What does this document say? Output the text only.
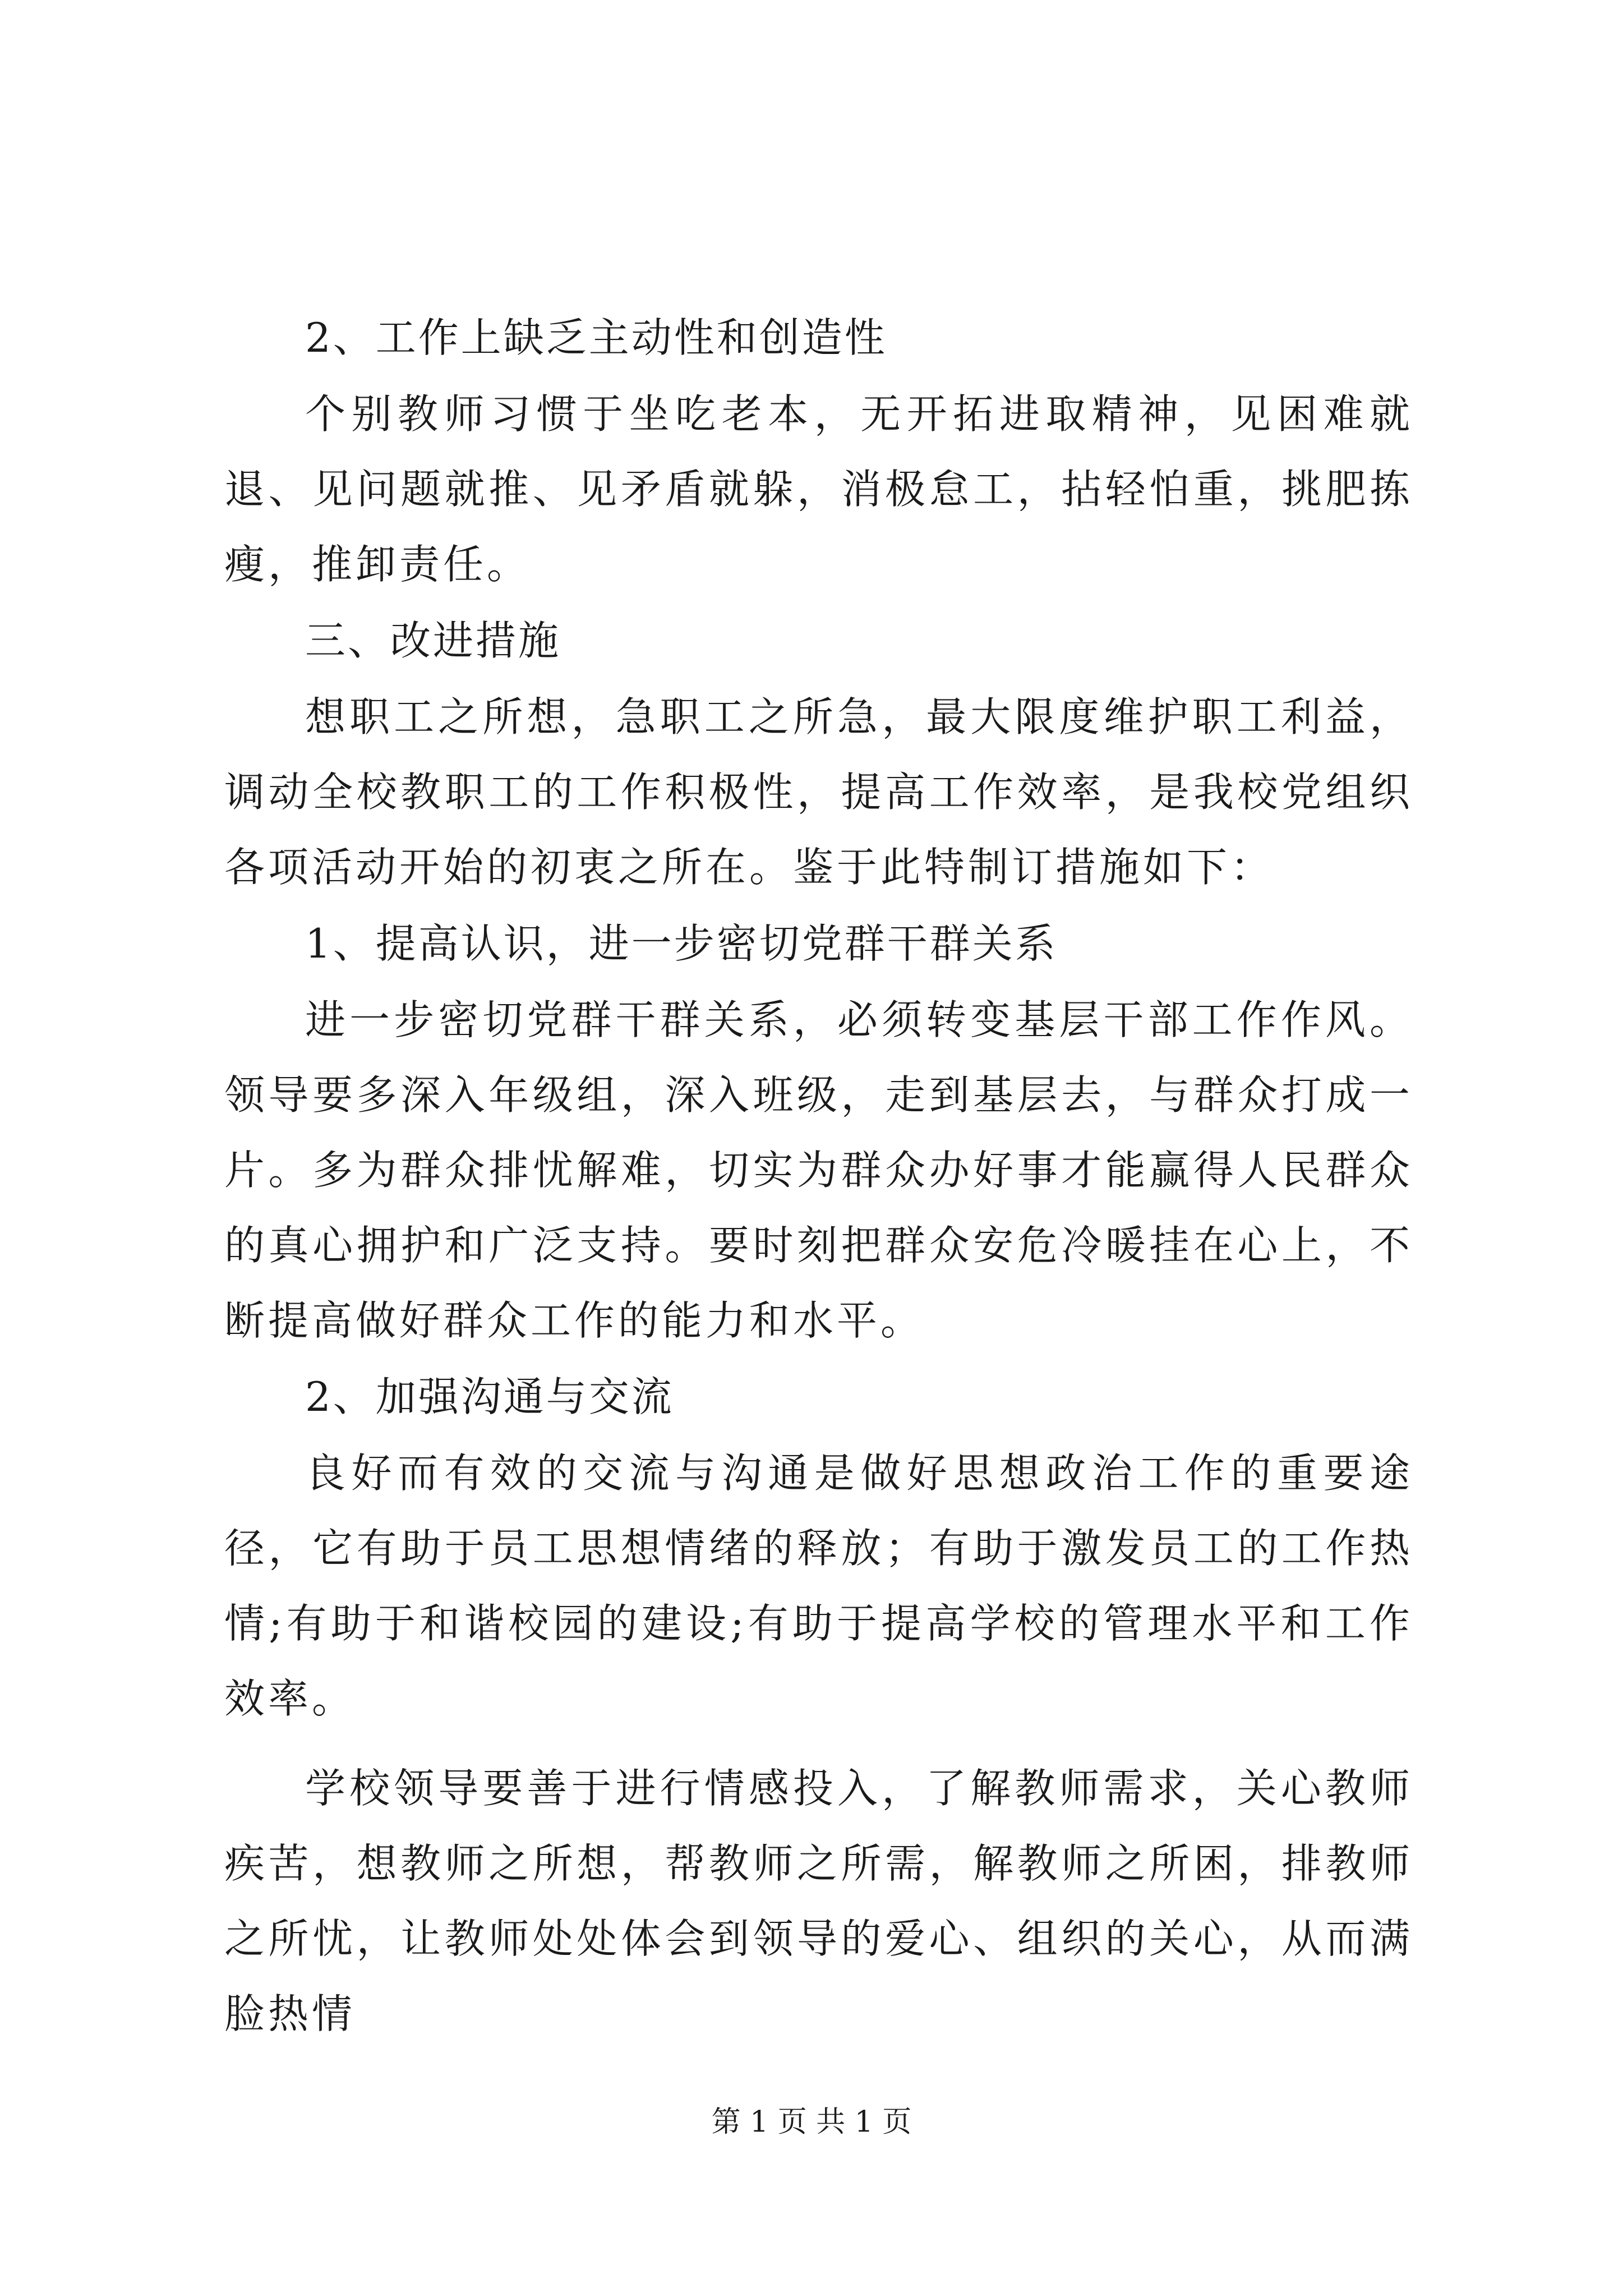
2、工作上缺乏主动性和创造性

个别教师习惯于坐吃老本，无开拓进取精神，见困难就退、见问题就推、见矛盾就躲，消极怠工，拈轻怕重，挑肥拣瘦，推卸责任。

三、改进措施

想职工之所想，急职工之所急，最大限度维护职工利益，调动全校教职工的工作积极性，提高工作效率，是我校党组织各项活动开始的初衷之所在。鉴于此特制订措施如下：

1、提高认识，进一步密切党群干群关系

进一步密切党群干群关系，必须转变基层干部工作作风。领导要多深入年级组，深入班级，走到基层去，与群众打成一片。多为群众排忧解难，切实为群众办好事才能赢得人民群众的真心拥护和广泛支持。要时刻把群众安危冷暖挂在心上，不断提高做好群众工作的能力和水平。

2、加强沟通与交流

良好而有效的交流与沟通是做好思想政治工作的重要途径，它有助于员工思想情绪的释放；有助于激发员工的工作热情;有助于和谐校园的建设;有助于提高学校的管理水平和工作效率。

学校领导要善于进行情感投入，了解教师需求，关心教师疾苦，想教师之所想，帮教师之所需，解教师之所困，排教师之所忧，让教师处处体会到领导的爱心、组织的关心，从而满脸热情

第 1 页 共 1 页
